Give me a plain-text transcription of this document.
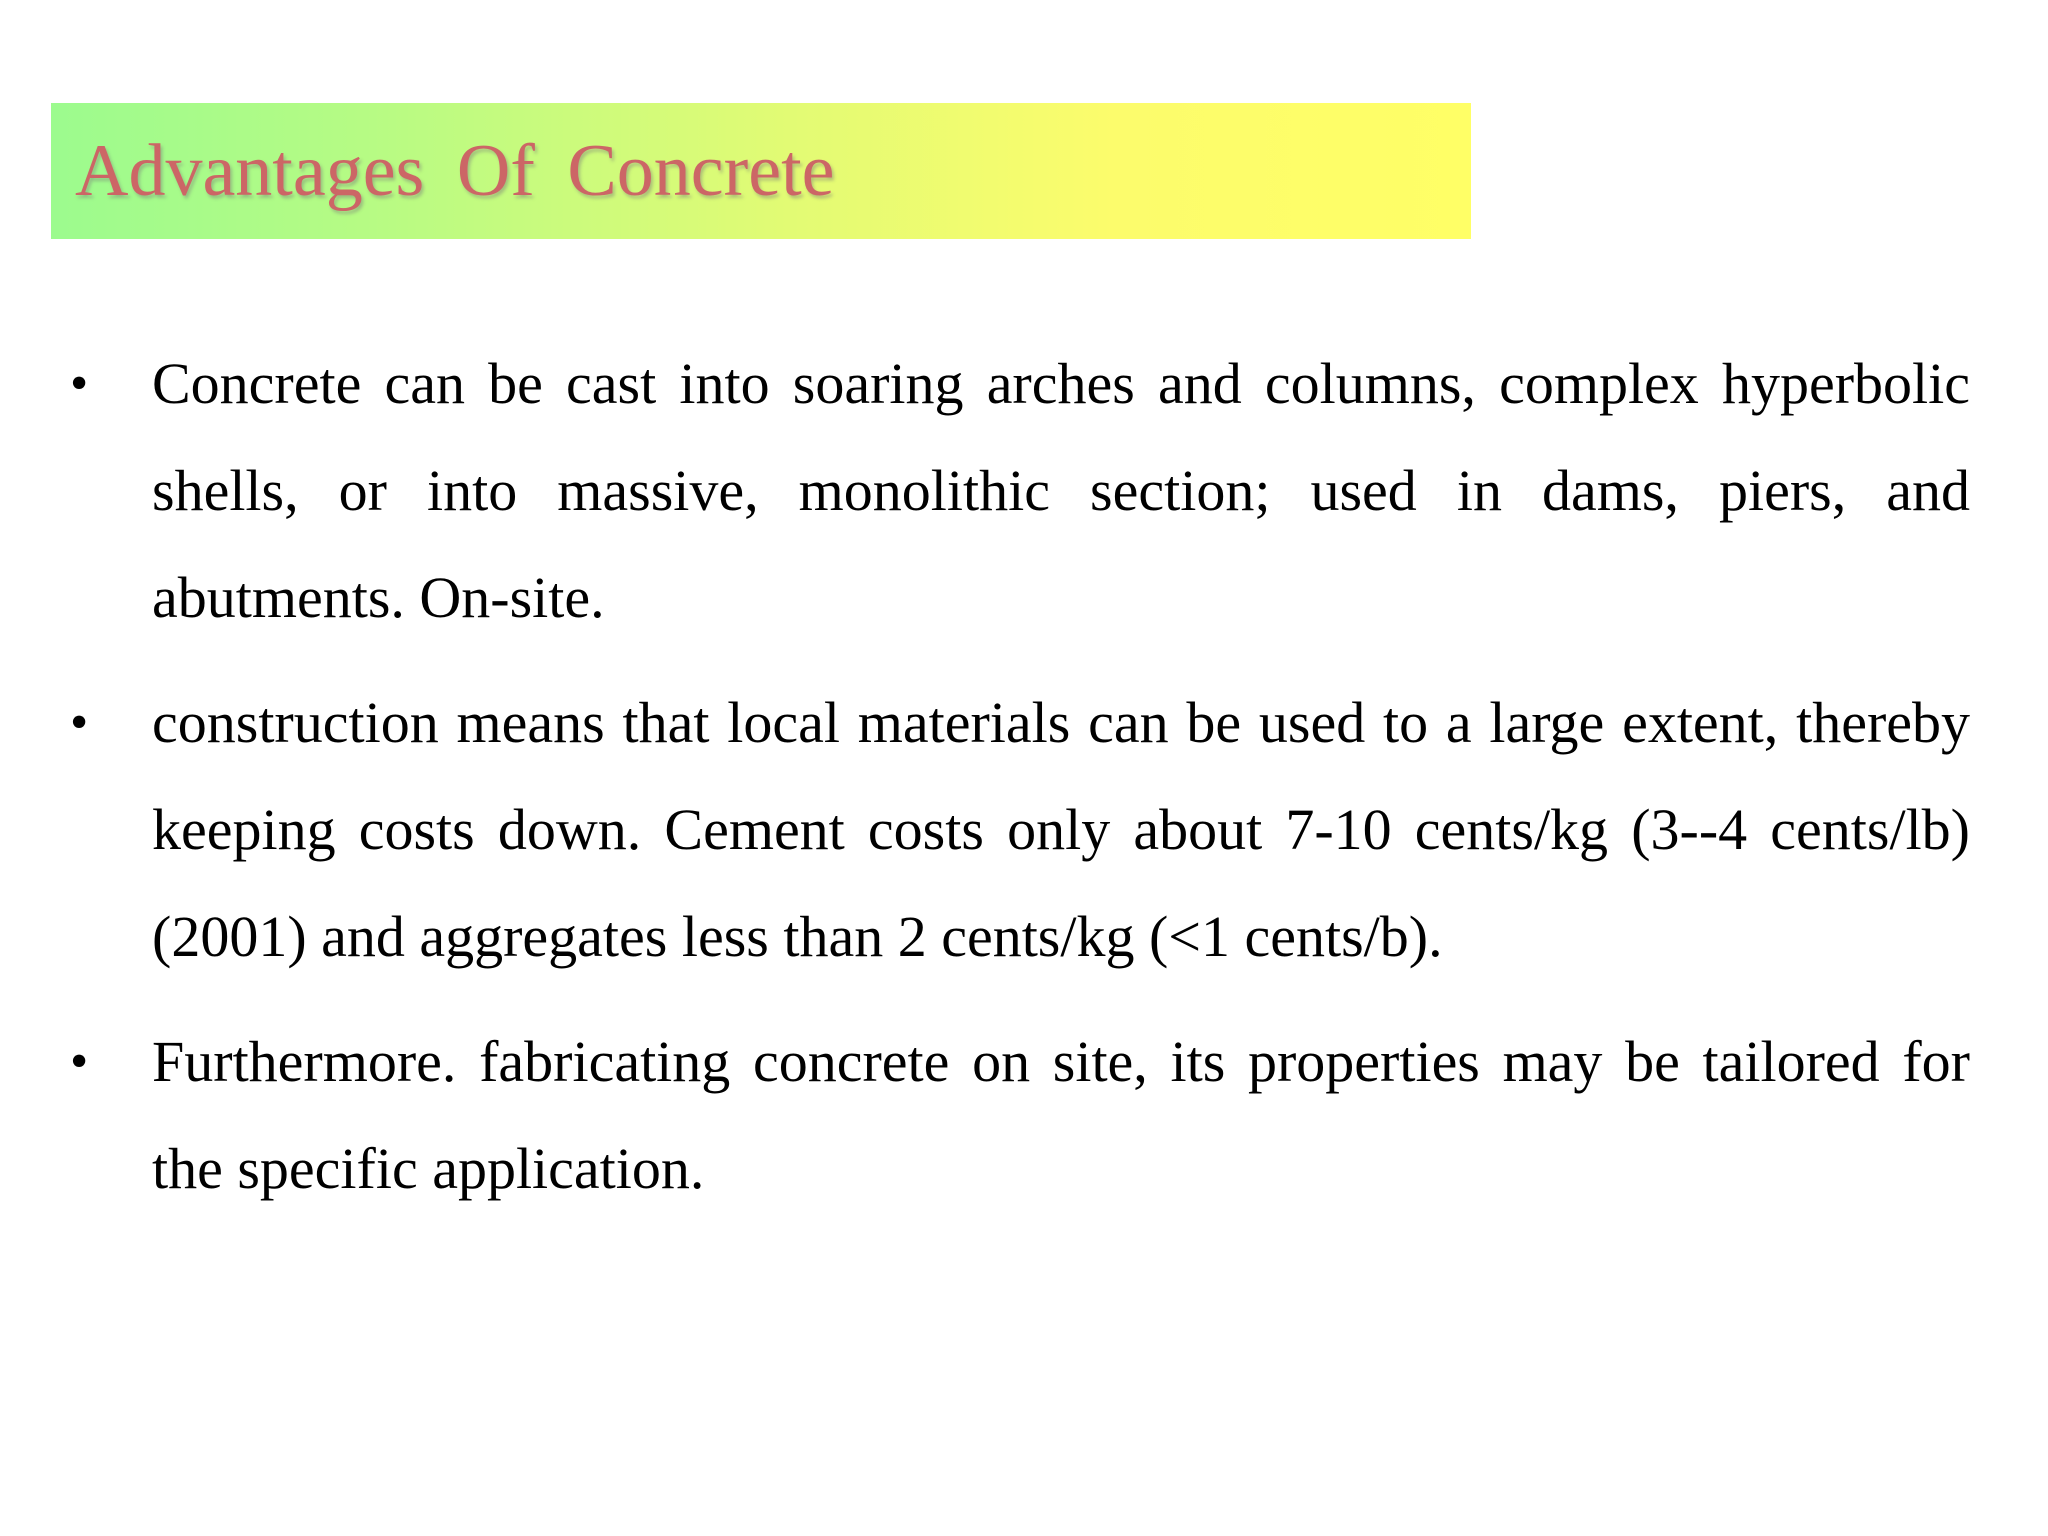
Advantages Of Concrete
• Concrete can be cast into soaring arches and columns, complex hyperbolic shells, or into massive, monolithic section; used in dams, piers, and abutments. On-site.
• construction means that local materials can be used to a large extent, thereby keeping costs down. Cement costs only about 7-10 cents/kg (3--4 cents/lb) (2001) and aggregates less than 2 cents/kg (<1 cents/b).
• Furthermore. fabricating concrete on site, its properties may be tailored for the specific application.
